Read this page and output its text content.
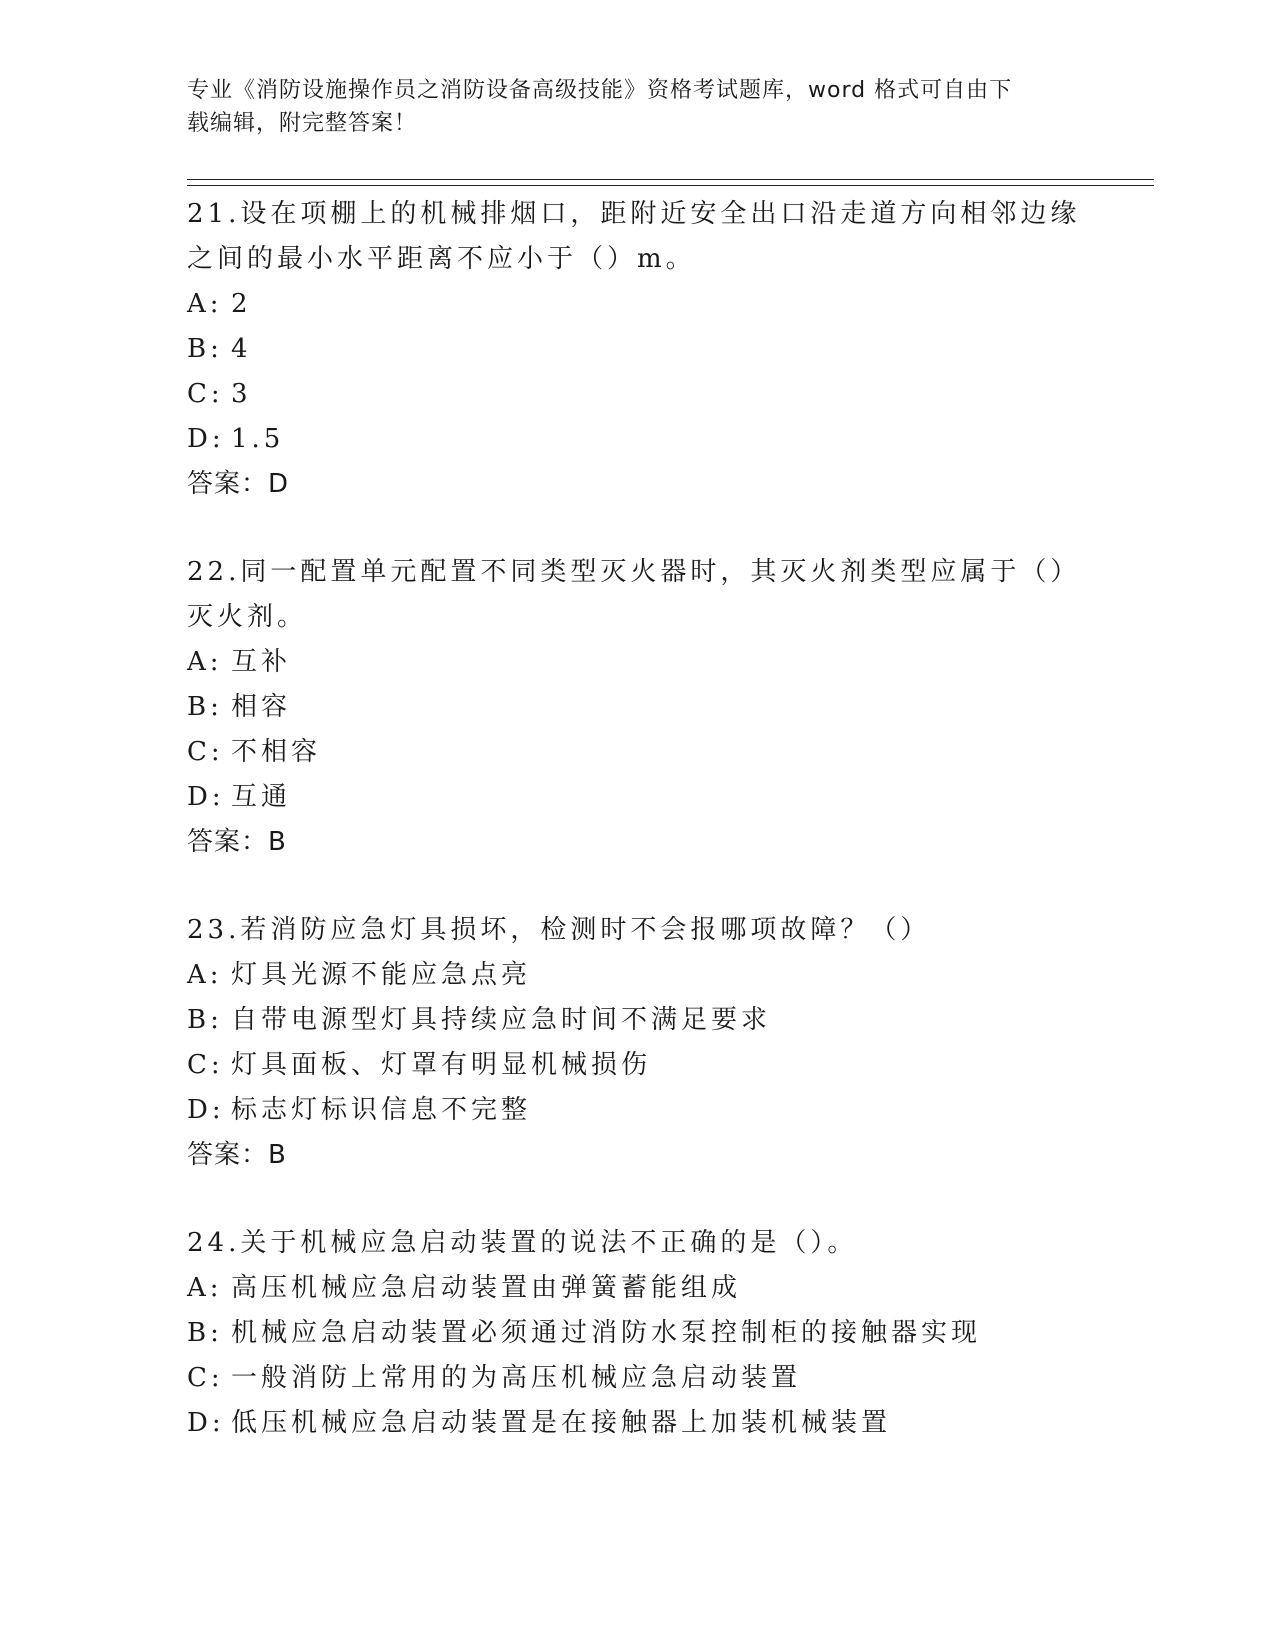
专业《消防设施操作员之消防设备高级技能》资格考试题库，word 格式可自由下
载编辑，附完整答案！
21.设在项棚上的机械排烟口，距附近安全出口沿走道方向相邻边缘之间的最小水平距离不应小于（）m。
A: 2
B: 4
C: 3
D: 1.5
答案：D
22.同一配置单元配置不同类型灭火器时，其灭火剂类型应属于（）灭火剂。
A: 互补
B: 相容
C: 不相容
D: 互通
答案：B
23.若消防应急灯具损坏，检测时不会报哪项故障？（）
A: 灯具光源不能应急点亮
B: 自带电源型灯具持续应急时间不满足要求
C: 灯具面板、灯罩有明显机械损伤
D: 标志灯标识信息不完整
答案：B
24.关于机械应急启动装置的说法不正确的是（）。
A: 高压机械应急启动装置由弹簧蓄能组成
B: 机械应急启动装置必须通过消防水泵控制柜的接触器实现
C: 一般消防上常用的为高压机械应急启动装置
D: 低压机械应急启动装置是在接触器上加装机械装置
